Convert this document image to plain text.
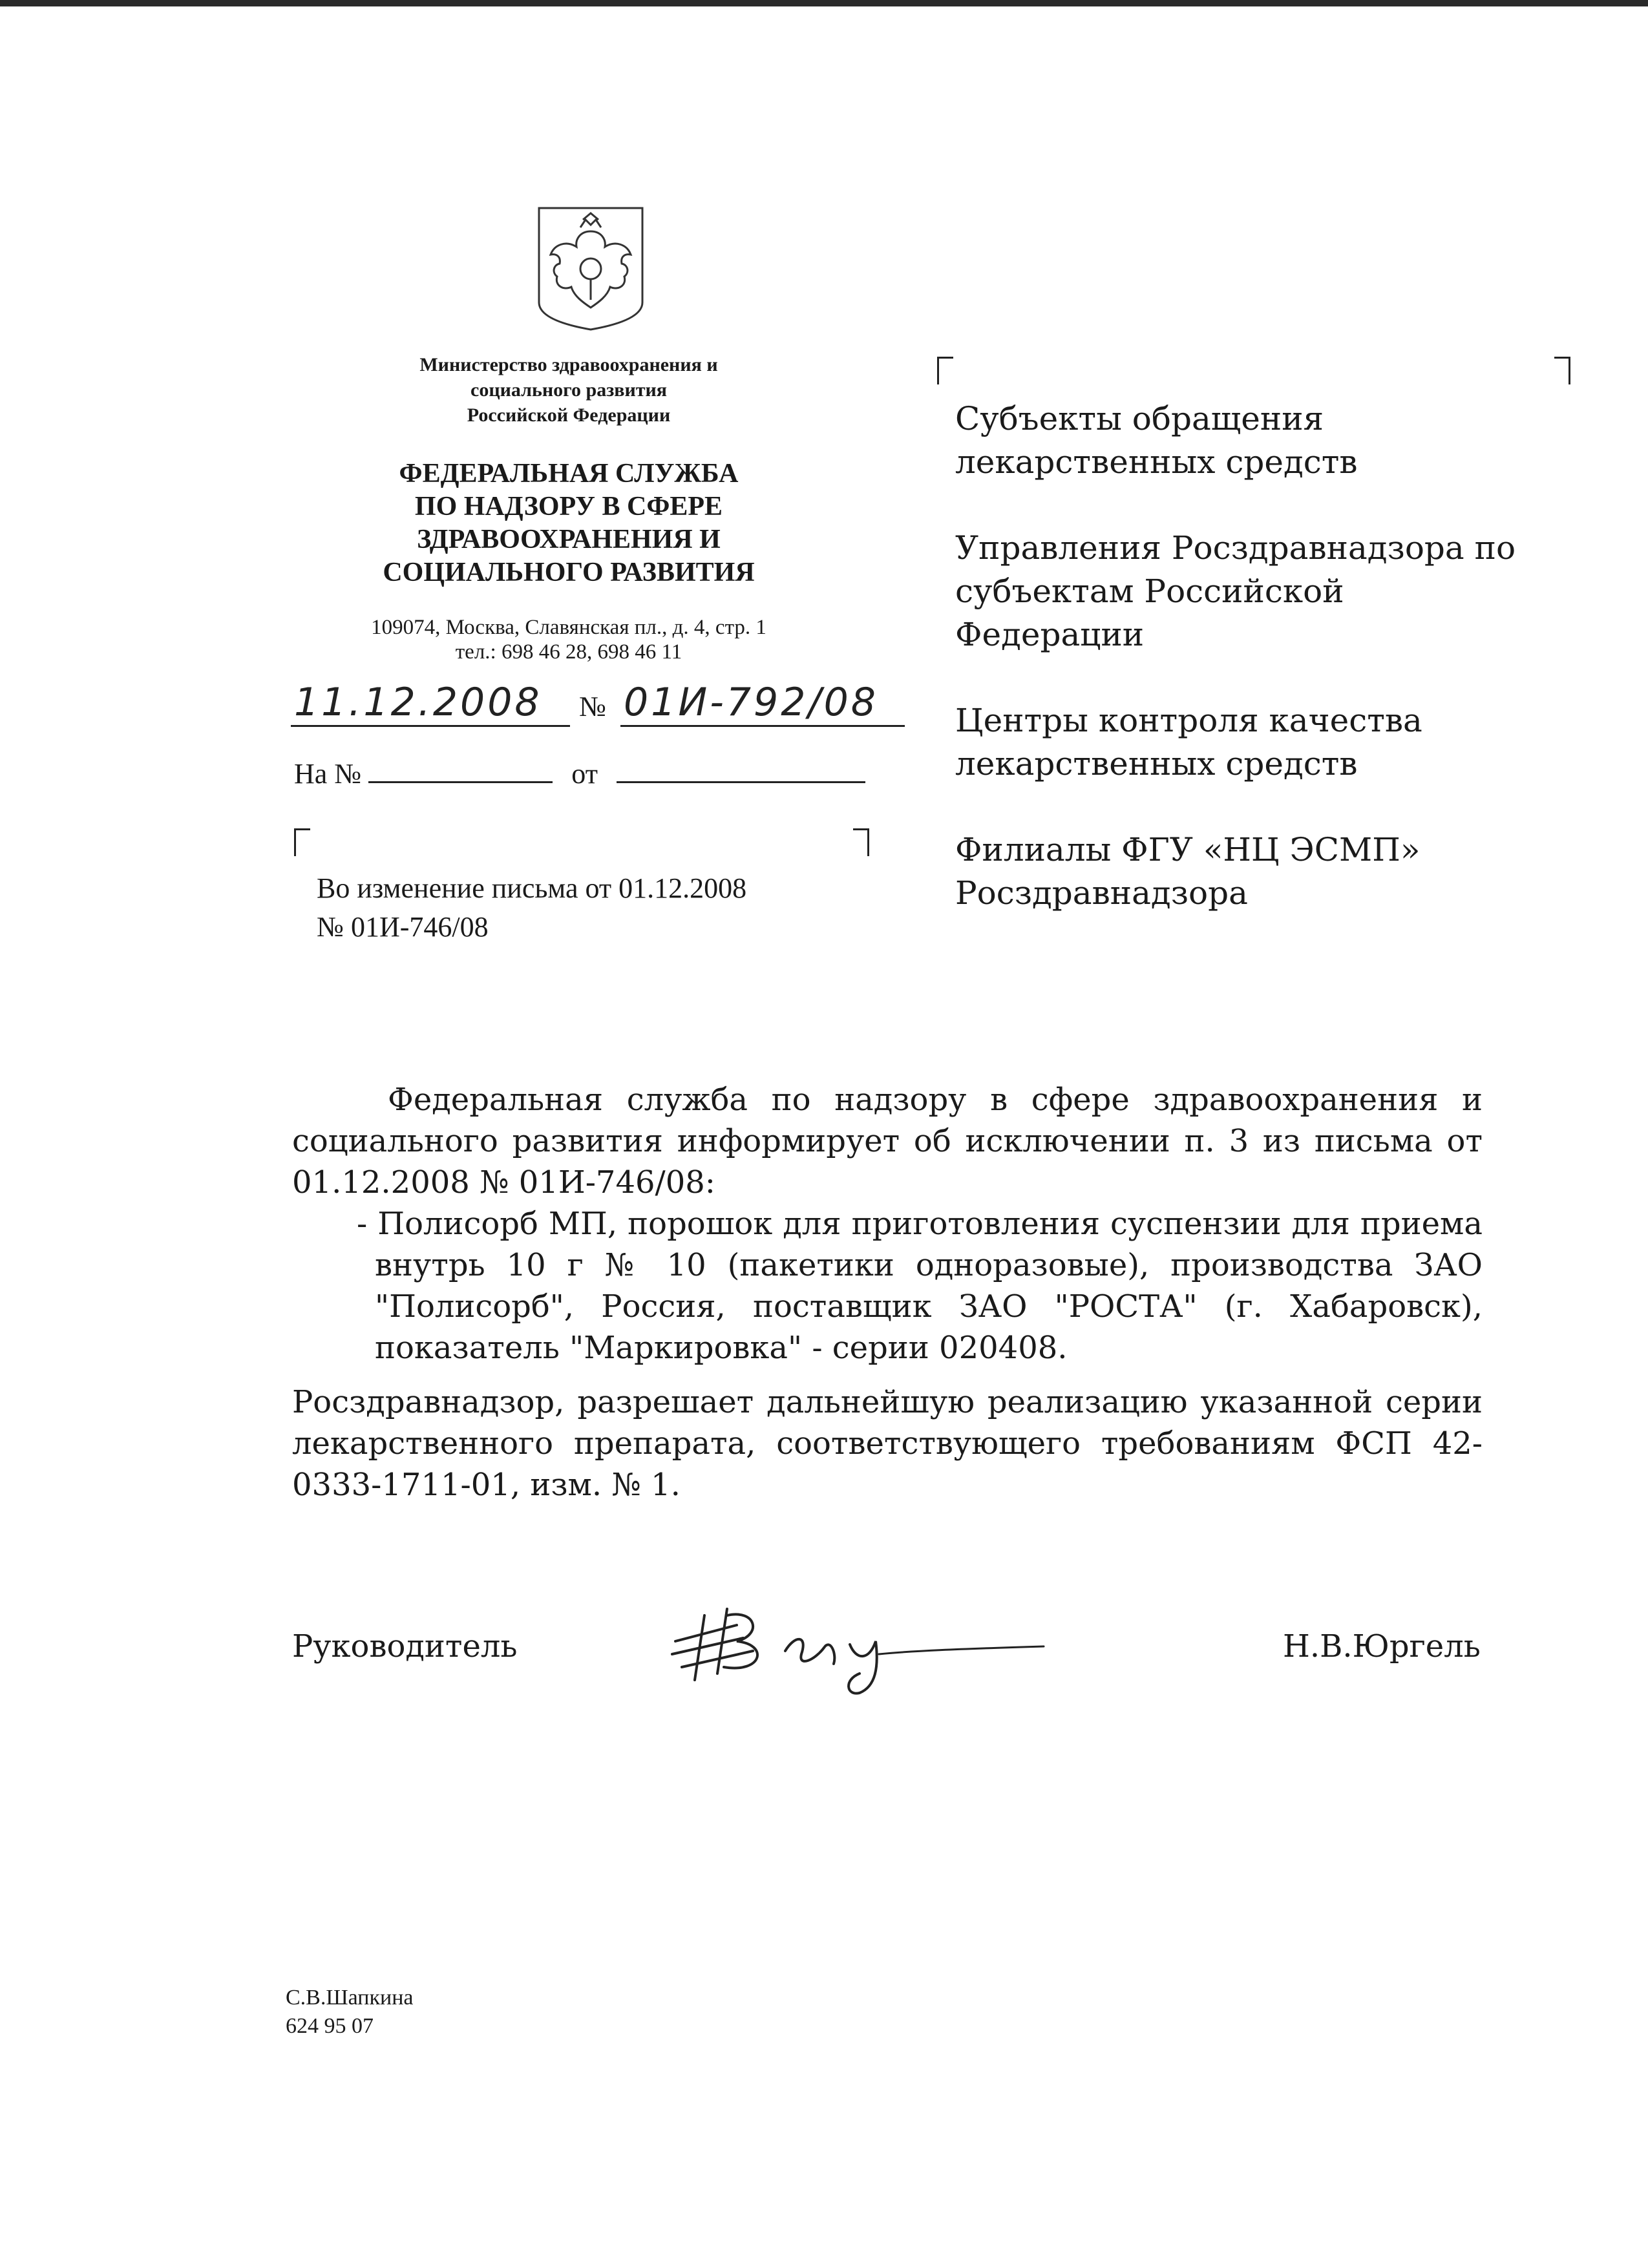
Министерство здравоохранения и
социального развития
Российской Федерации
ФЕДЕРАЛЬНАЯ СЛУЖБА
ПО НАДЗОРУ В СФЕРЕ
ЗДРАВООХРАНЕНИЯ И
СОЦИАЛЬНОГО РАЗВИТИЯ
109074, Москва, Славянская пл., д. 4, стр. 1
тел.: 698 46 28, 698 46 11
11.12.2008 № 01И-792/08
На №	от
Во изменение письма от 01.12.2008
№ 01И-746/08
Субъекты обращения
лекарственных средств
Управления Росздравнадзора по
субъектам Российской Федерации
Центры контроля качества
лекарственных средств
Филиалы ФГУ «НЦ ЭСМП»
Росздравнадзора

Федеральная служба по надзору в сфере здравоохранения и социального развития информирует об исключении п. 3 из письма от 01.12.2008 № 01И-746/08:

- Полисорб МП, порошок для приготовления суспензии для приема внутрь 10 г № 10 (пакетики одноразовые), производства ЗАО "Полисорб", Россия, поставщик ЗАО "РОСТА" (г. Хабаровск), показатель "Маркировка" - серии 020408.

Росздравнадзор, разрешает дальнейшую реализацию указанной серии лекарственного препарата, соответствующего требованиям ФСП 42-0333-1711-01, изм. № 1.

Руководитель	Н.В.Юргель
С.В.Шапкина
624 95 07
